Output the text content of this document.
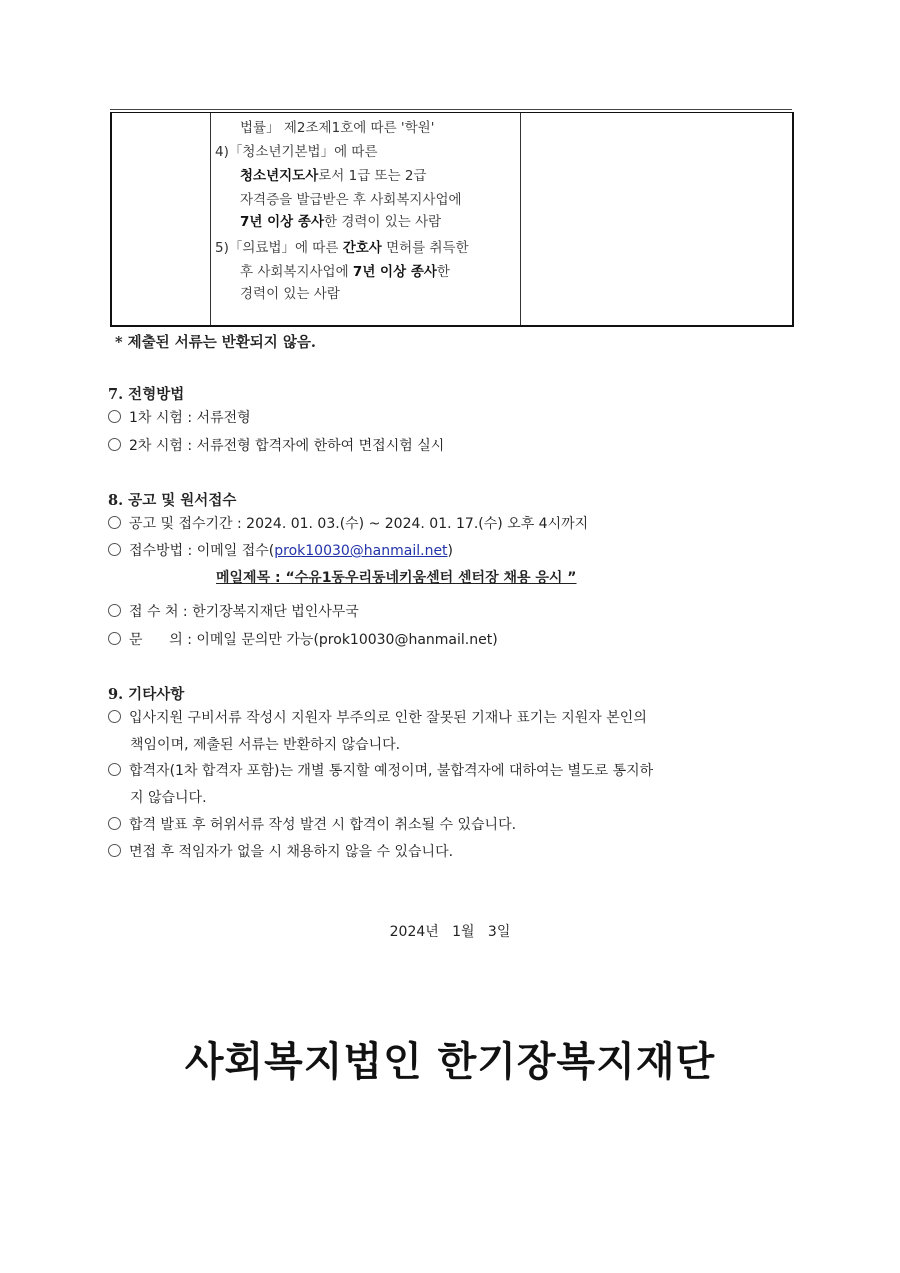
법률」 제2조제1호에 따른 '학원'
4)「청소년기본법」에 따른
청소년지도사로서 1급 또는 2급
자격증을 발급받은 후 사회복지사업에
7년 이상 종사한 경력이 있는 사람
5)「의료법」에 따른 간호사 면허를 취득한
후 사회복지사업에 7년 이상 종사한
경력이 있는 사람
* 제출된 서류는 반환되지 않음.
7. 전형방법
1차 시험 : 서류전형
2차 시험 : 서류전형 합격자에 한하여 면접시험 실시
8. 공고 및 원서접수
공고 및 접수기간 : 2024. 01. 03.(수) ~ 2024. 01. 17.(수) 오후 4시까지
접수방법 : 이메일 접수(prok10030@hanmail.net)
메일제목 : “수유1동우리동네키움센터 센터장 채용 응시 ”
접 수 처 : 한기장복지재단 법인사무국
문      의 : 이메일 문의만 가능(prok10030@hanmail.net)
9. 기타사항
입사지원 구비서류 작성시 지원자 부주의로 인한 잘못된 기재나 표기는 지원자 본인의
책임이며, 제출된 서류는 반환하지 않습니다.
합격자(1차 합격자 포함)는 개별 통지할 예정이며, 불합격자에 대하여는 별도로 통지하
지 않습니다.
합격 발표 후 허위서류 작성 발견 시 합격이 취소될 수 있습니다.
면접 후 적임자가 없을 시 채용하지 않을 수 있습니다.
2024년   1월   3일
사회복지법인 한기장복지재단
